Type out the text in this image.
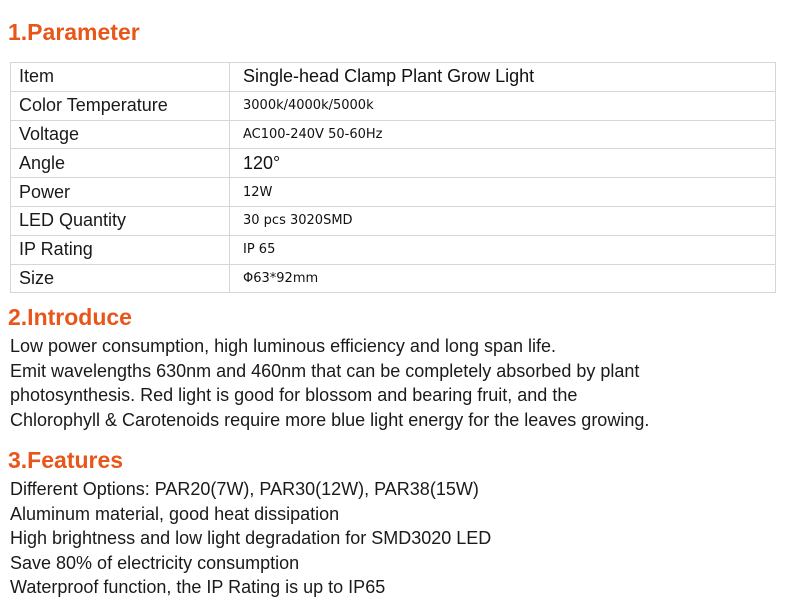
1.Parameter
Item	Single-head Clamp Plant Grow Light
Color Temperature	3000k/4000k/5000k
Voltage	AC100-240V 50-60Hz
Angle	120°
Power	12W
LED Quantity	30 pcs 3020SMD
IP Rating	IP 65
Size	Φ63*92mm
2.Introduce
Low power consumption, high luminous efficiency and long span life.
Emit wavelengths 630nm and 460nm that can be completely absorbed by plant
photosynthesis. Red light is good for blossom and bearing fruit, and the
Chlorophyll & Carotenoids require more blue light energy for the leaves growing.
3.Features
Different Options: PAR20(7W), PAR30(12W), PAR38(15W)
Aluminum material, good heat dissipation
High brightness and low light degradation for SMD3020 LED
Save 80% of electricity consumption
Waterproof function, the IP Rating is up to IP65
